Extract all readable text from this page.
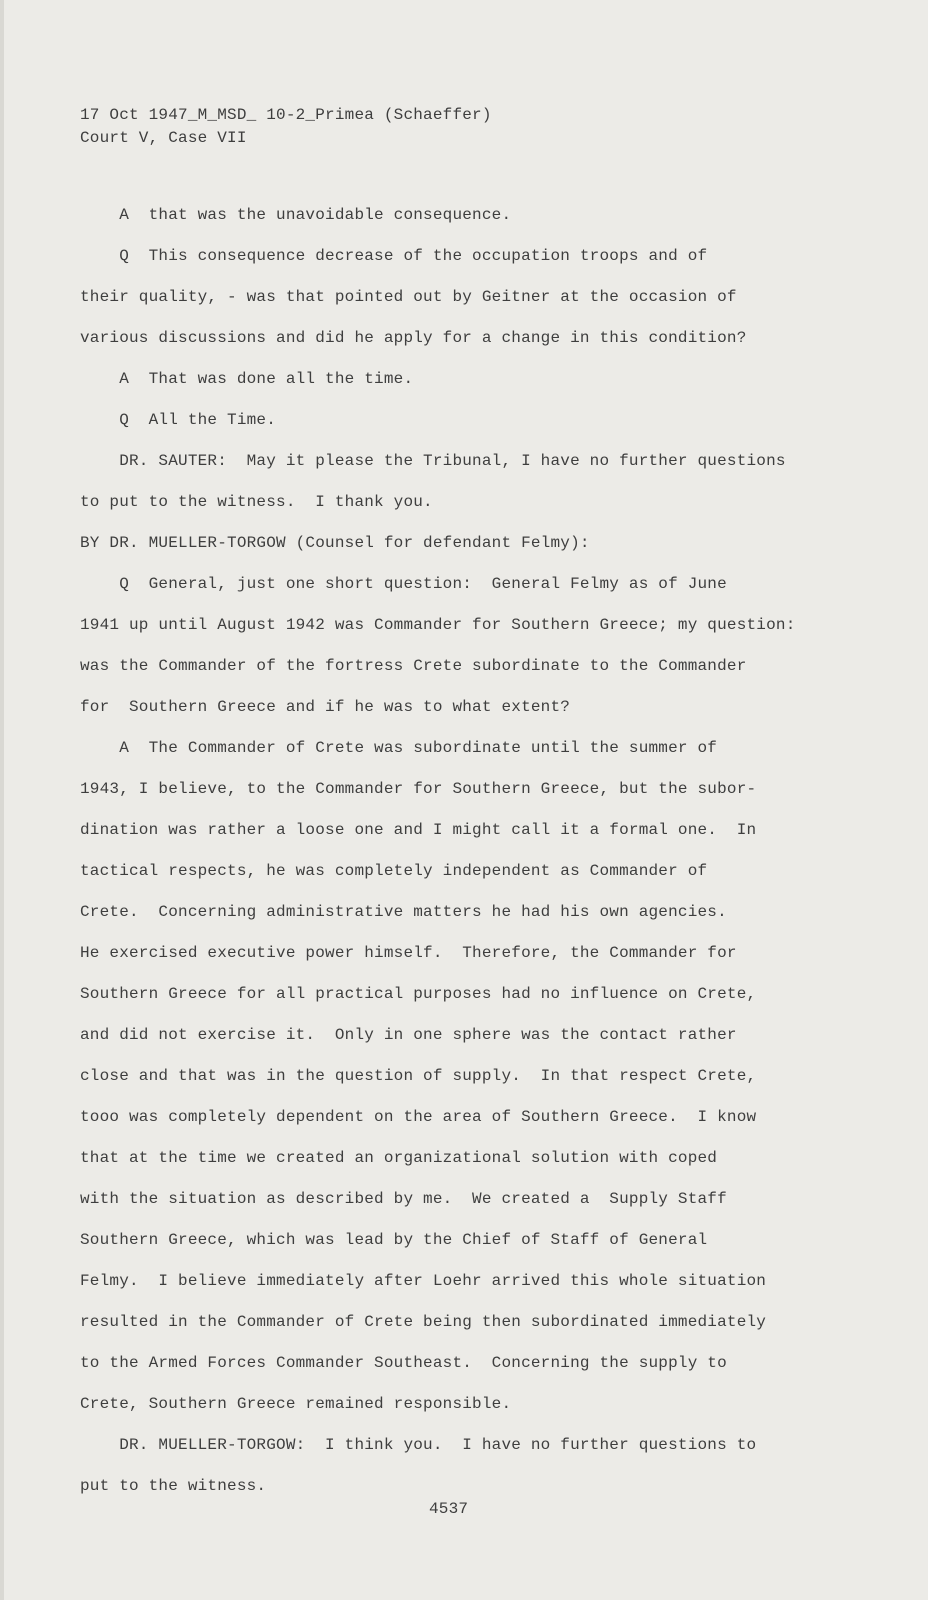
17 Oct 1947_M_MSD_ 10-2_Primea (Schaeffer)
Court V, Case VII
A  that was the unavoidable consequence.
Q  This consequence decrease of the occupation troops and of
their quality, - was that pointed out by Geitner at the occasion of
various discussions and did he apply for a change in this condition?
A  That was done all the time.
Q  All the Time.
DR. SAUTER:  May it please the Tribunal, I have no further questions
to put to the witness.  I thank you.
BY DR. MUELLER-TORGOW (Counsel for defendant Felmy):
Q  General, just one short question:  General Felmy as of June
1941 up until August 1942 was Commander for Southern Greece; my question:
was the Commander of the fortress Crete subordinate to the Commander
for  Southern Greece and if he was to what extent?
A  The Commander of Crete was subordinate until the summer of
1943, I believe, to the Commander for Southern Greece, but the subor-
dination was rather a loose one and I might call it a formal one.  In
tactical respects, he was completely independent as Commander of
Crete.  Concerning administrative matters he had his own agencies.
He exercised executive power himself.  Therefore, the Commander for
Southern Greece for all practical purposes had no influence on Crete,
and did not exercise it.  Only in one sphere was the contact rather
close and that was in the question of supply.  In that respect Crete,
tooo was completely dependent on the area of Southern Greece.  I know
that at the time we created an organizational solution with coped
with the situation as described by me.  We created a  Supply Staff
Southern Greece, which was lead by the Chief of Staff of General
Felmy.  I believe immediately after Loehr arrived this whole situation
resulted in the Commander of Crete being then subordinated immediately
to the Armed Forces Commander Southeast.  Concerning the supply to
Crete, Southern Greece remained responsible.
DR. MUELLER-TORGOW:  I think you.  I have no further questions to
put to the witness.
4537
